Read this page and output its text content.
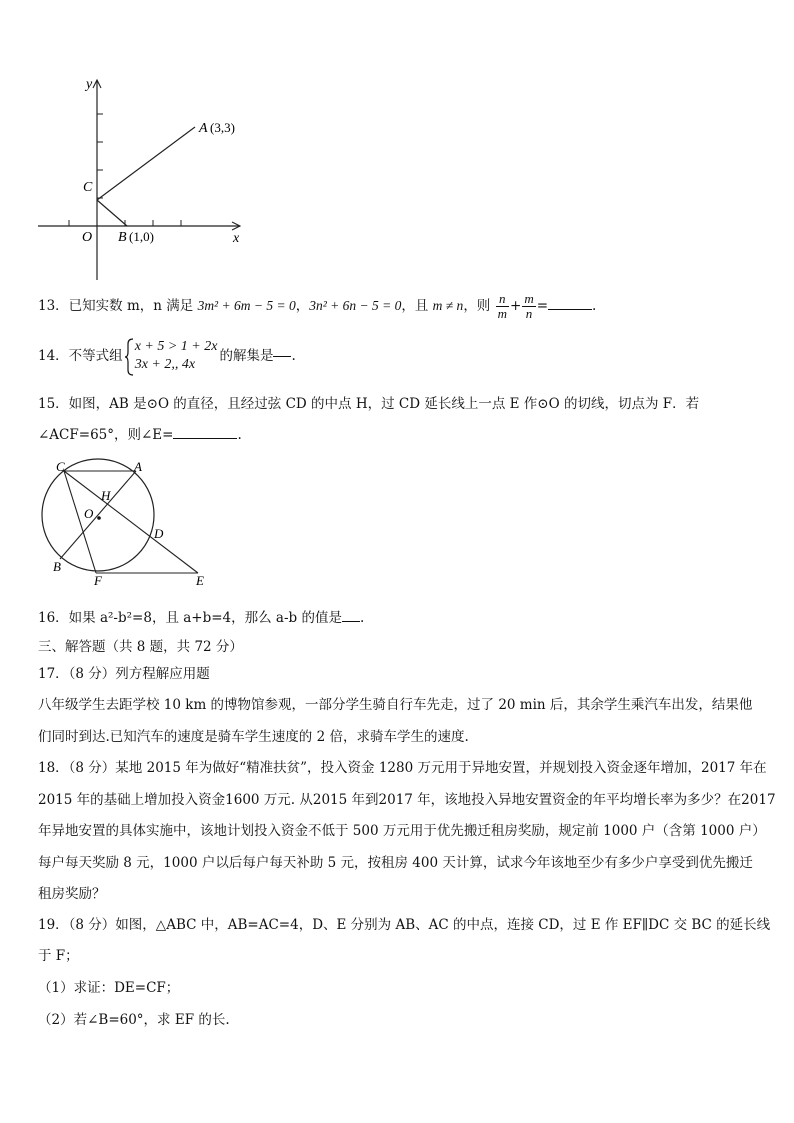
y
x
O
C
A (3,3)
B (1,0)
13．已知实数 m，n 满足 3m² + 6m − 5 = 0，3n² + 6n − 5 = 0，且 m ≠ n，则 $\frac{n}{m} + \frac{m}{n}$ =	.
14．不等式组
x + 5 > 1 + 2x
3x + 2,, 4x
的解集是 .
15．如图，AB 是⊙O 的直径，且经过弦 CD 的中点 H，过 CD 延长线上一点 E 作⊙O 的切线，切点为 F．若
∠ACF=65°，则∠E=	.
C	A
H
O
D
B
F	E
16．如果 a²-b²=8，且 a+b=4，那么 a-b 的值是 .
三、解答题（共 8 题，共 72 分）
17．（8 分）列方程解应用题
八年级学生去距学校 10 km 的博物馆参观，一部分学生骑自行车先走，过了 20 min 后，其余学生乘汽车出发，结果他
们同时到达.已知汽车的速度是骑车学生速度的 2 倍，求骑车学生的速度.
18．（8 分）某地 2015 年为做好“精准扶贫”，投入资金 1280 万元用于异地安置，并规划投入资金逐年增加，2017 年在
2015 年的基础上增加投入资金1600 万元. 从2015 年到2017 年，该地投入异地安置资金的年平均增长率为多少？在2017
年异地安置的具体实施中，该地计划投入资金不低于 500 万元用于优先搬迁租房奖励，规定前 1000 户（含第 1000 户）
每户每天奖励 8 元，1000 户以后每户每天补助 5 元，按租房 400 天计算，试求今年该地至少有多少户享受到优先搬迁
租房奖励？
19．（8 分）如图，△ABC 中，AB=AC=4，D、E 分别为 AB、AC 的中点，连接 CD，过 E 作 EF∥DC 交 BC 的延长线
于 F；
（1）求证：DE=CF；
（2）若∠B=60°，求 EF 的长.
